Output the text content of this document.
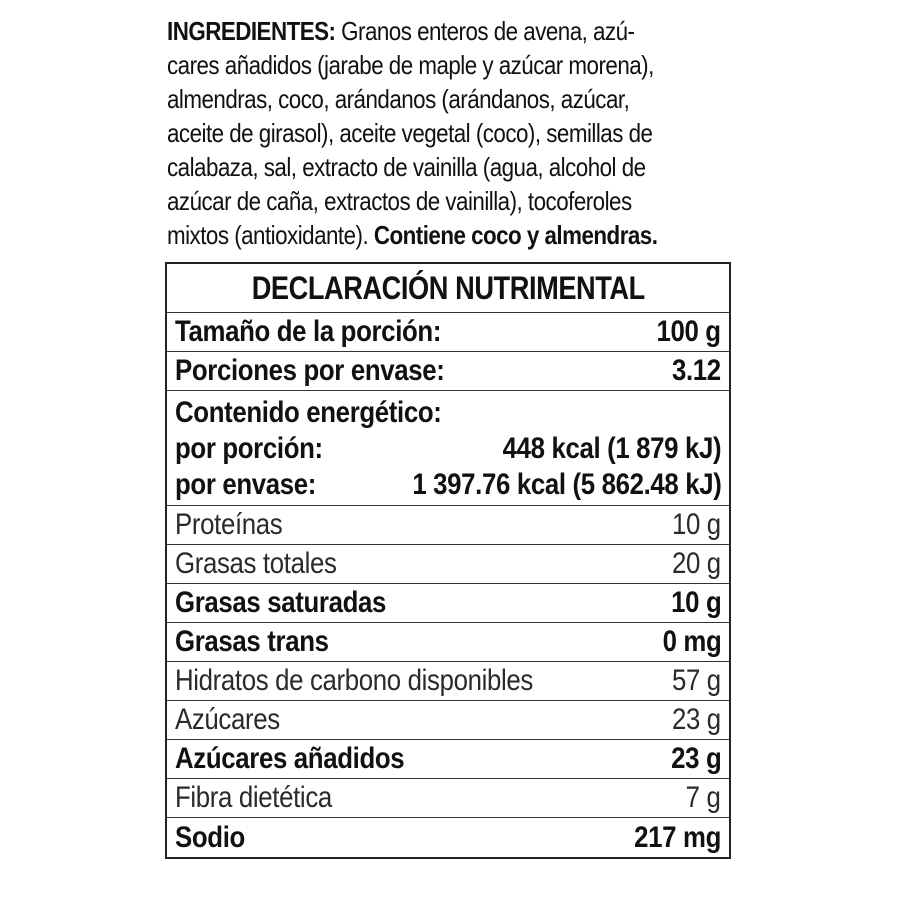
INGREDIENTES: Granos enteros de avena, azú-
cares añadidos (jarabe de maple y azúcar morena),
almendras, coco, arándanos (arándanos, azúcar,
aceite de girasol), aceite vegetal (coco), semillas de
calabaza, sal, extracto de vainilla (agua, alcohol de
azúcar de caña, extractos de vainilla), tocoferoles
mixtos (antioxidante). Contiene coco y almendras.
DECLARACIÓN NUTRIMENTAL
Tamaño de la porción:	100 g
Porciones por envase:	3.12
Contenido energético:
por porción:	448 kcal (1 879 kJ)
por envase:	1 397.76 kcal (5 862.48 kJ)
Proteínas	10 g
Grasas totales	20 g
Grasas saturadas	10 g
Grasas trans	0 mg
Hidratos de carbono disponibles	57 g
Azúcares	23 g
Azúcares añadidos	23 g
Fibra dietética	7 g
Sodio	217 mg
